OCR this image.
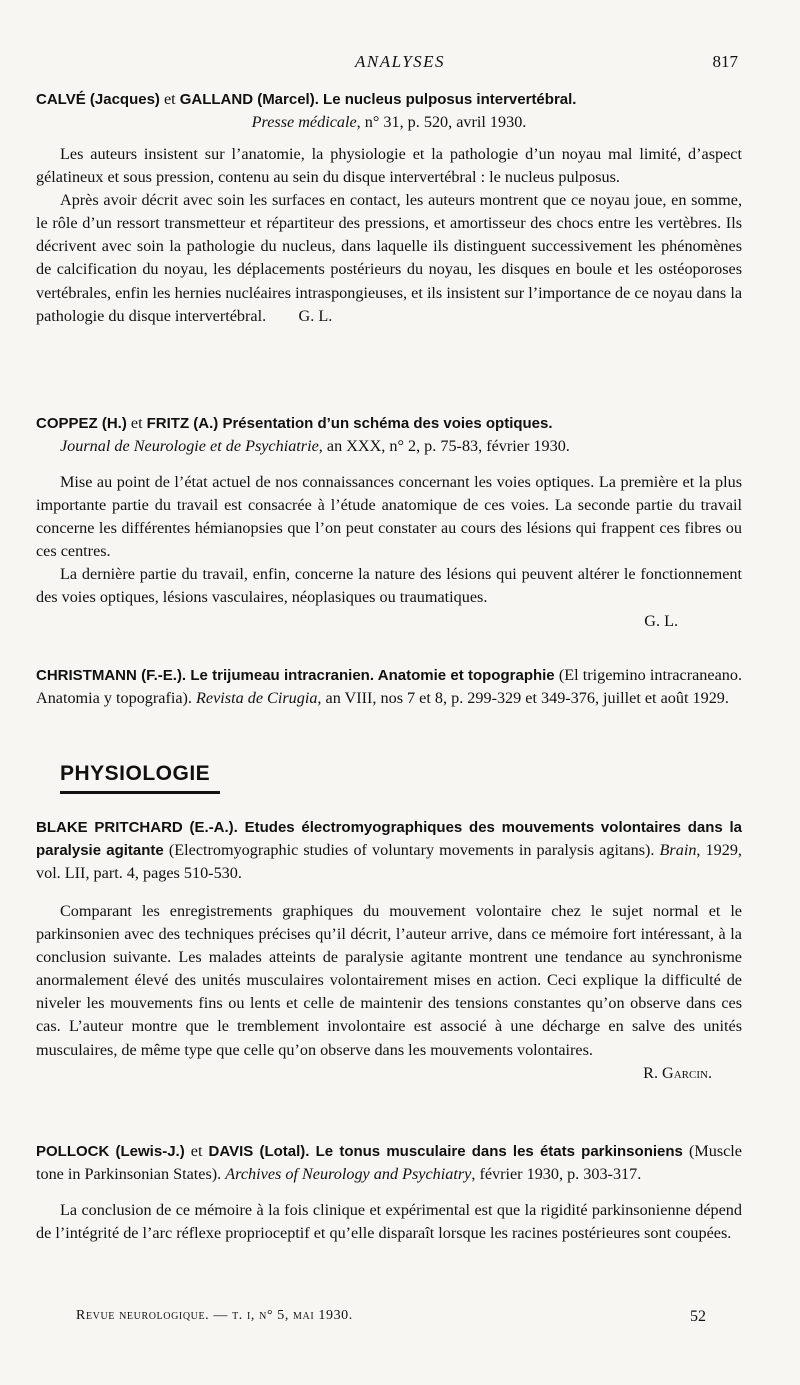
ANALYSES	817
CALVÉ (Jacques) et GALLAND (Marcel). Le nucleus pulposus intervertébral.
Presse médicale, n° 31, p. 520, avril 1930.

Les auteurs insistent sur l’anatomie, la physiologie et la pathologie d’un noyau mal limité, d’aspect gélatineux et sous pression, contenu au sein du disque intervertébral : le nucleus pulposus.

Après avoir décrit avec soin les surfaces en contact, les auteurs montrent que ce noyau joue, en somme, le rôle d’un ressort transmetteur et répartiteur des pressions, et amortisseur des chocs entre les vertèbres. Ils décrivent avec soin la pathologie du nucleus, dans laquelle ils distinguent successivement les phénomènes de calcification du noyau, les déplacements postérieurs du noyau, les disques en boule et les ostéoporoses vertébrales, enfin les hernies nucléaires intraspongieuses, et ils insistent sur l’importance de ce noyau dans la pathologie du disque intervertébral. G. L.

COPPEZ (H.) et FRITZ (A.) Présentation d’un schéma des voies optiques.
Journal de Neurologie et de Psychiatrie, an XXX, n° 2, p. 75-83, février 1930.

Mise au point de l’état actuel de nos connaissances concernant les voies optiques. La première et la plus importante partie du travail est consacrée à l’étude anatomique de ces voies. La seconde partie du travail concerne les différentes hémianopsies que l’on peut constater au cours des lésions qui frappent ces fibres ou ces centres.

La dernière partie du travail, enfin, concerne la nature des lésions qui peuvent altérer le fonctionnement des voies optiques, lésions vasculaires, néoplasiques ou traumatiques.

G. L.

CHRISTMANN (F.-E.). Le trijumeau intracranien. Anatomie et topographie (El trigemino intracraneano. Anatomia y topografia). Revista de Cirugia, an VIII, nos 7 et 8, p. 299-329 et 349-376, juillet et août 1929.
PHYSIOLOGIE
BLAKE PRITCHARD (E.-A.). Etudes électromyographiques des mouvements volontaires dans la paralysie agitante (Electromyographic studies of voluntary movements in paralysis agitans). Brain, 1929, vol. LII, part. 4, pages 510-530.

Comparant les enregistrements graphiques du mouvement volontaire chez le sujet normal et le parkinsonien avec des techniques précises qu’il décrit, l’auteur arrive, dans ce mémoire fort intéressant, à la conclusion suivante. Les malades atteints de paralysie agitante montrent une tendance au synchronisme anormalement élevé des unités musculaires volontairement mises en action. Ceci explique la difficulté de niveler les mouvements fins ou lents et celle de maintenir des tensions constantes qu’on observe dans ces cas. L’auteur montre que le tremblement involontaire est associé à une décharge en salve des unités musculaires, de même type que celle qu’on observe dans les mouvements volontaires.

R. Garcin.

POLLOCK (Lewis-J.) et DAVIS (Lotal). Le tonus musculaire dans les états parkinsoniens (Muscle tone in Parkinsonian States). Archives of Neurology and Psychiatry, février 1930, p. 303-317.

La conclusion de ce mémoire à la fois clinique et expérimental est que la rigidité parkinsonienne dépend de l’intégrité de l’arc réflexe proprioceptif et qu’elle disparaît lorsque les racines postérieures sont coupées.

Revue neurologique. — t. i, n° 5, mai 1930.	52
